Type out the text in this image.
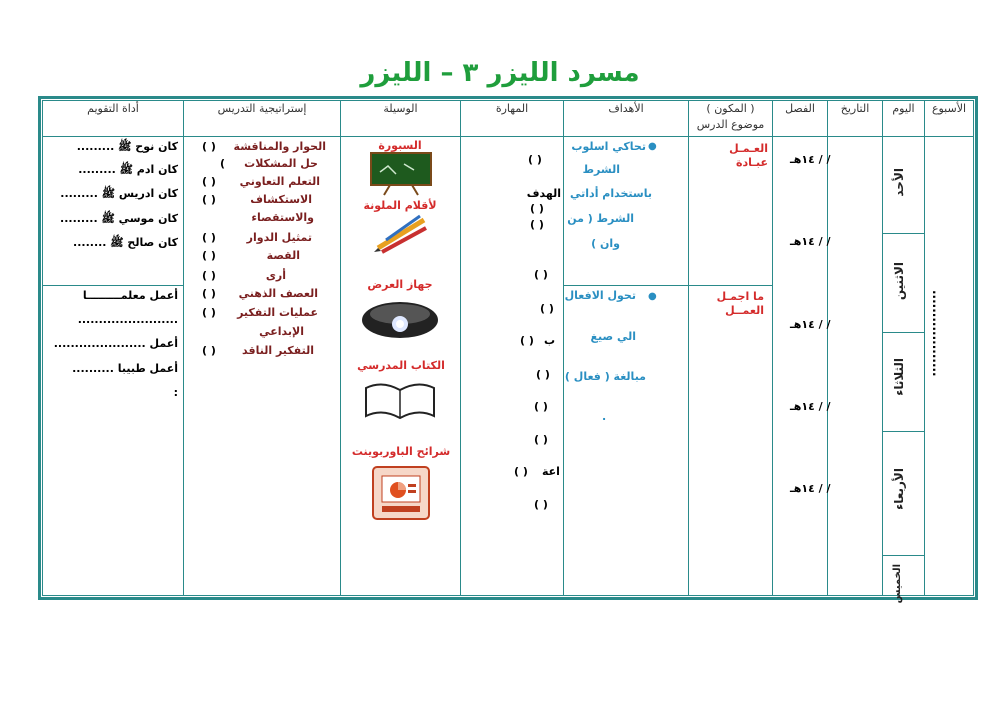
مسرد الليزر ٣ – الليزر
الأسبوع
اليوم
التاريخ
الفصل
( المكون )
موضوع الدرس
الأهداف
المهارة
الوسيلة
إستراتيجية التدريس
أداة التقويم
...................
الأحد
الاثنين
الثلاثاء
الأربعاء
الخميس
/ / ١٤هـ
/ / ١٤هـ
/ / ١٤هـ
/ / ١٤هـ
/ / ١٤هـ
العـمـل
عبـادة
ما اجمـل
العمــل
●
تحاكي اسلوب
الشرط
باستخدام أداتي
الشرط ( من
وان )
●
تحول الافعال
الي صيغ
مبالغة ( فعال )
.
( )
الهدف
( )
( )
( )
( )
( ) ب
( )
( )
( )
( ) اعة
( )
السبورة
لأقلام الملونة
جهاز العرض
الكتاب المدرسي
شرائح الباوربوينت
الحوار والمناقشة
حل المشكلات
التعلم التعاوني
الاستكشاف
والاستقصاء
تمثيل الدوار
القصة
أرى
العصف الذهني
عمليات التفكير
الإبداعي
التفكير الناقد
( )
(
( )
( )
( )
( )
( )
( )
( )
( )
كان نوح ﷺ .........
كان ادم ﷺ .........
كان ادريس ﷺ .........
كان موسي ﷺ .........
كان صالح ﷺ ........
أعمل معلمـــــــــا
........................
أعمل ......................
أعمل طبيبا ..........
:
